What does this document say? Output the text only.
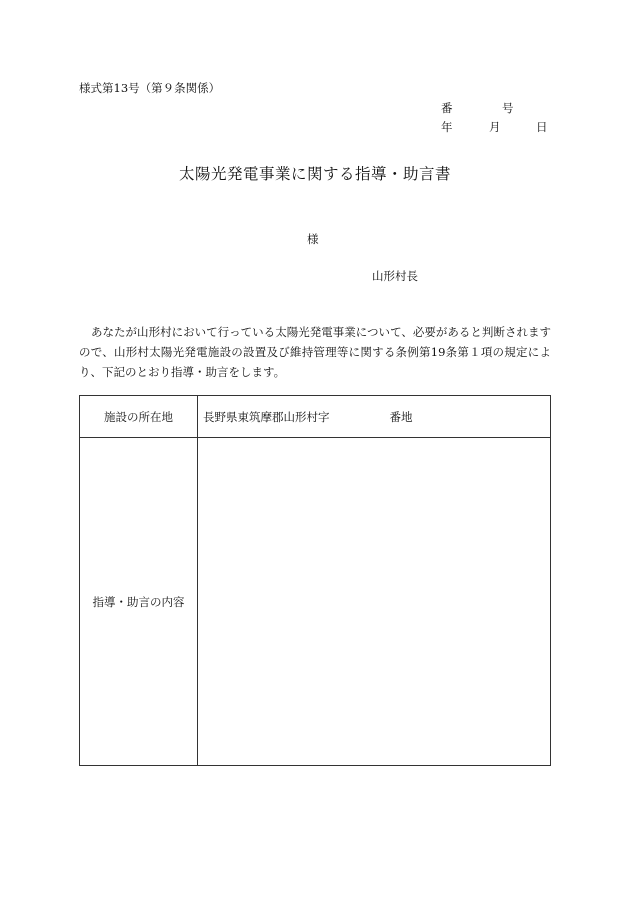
様式第13号（第９条関係）
番	号
年	月	日
太陽光発電事業に関する指導・助言書
様
山形村長
あなたが山形村において行っている太陽光発電事業について、必要があると判断されますので、山形村太陽光発電施設の設置及び維持管理等に関する条例第19条第１項の規定により、下記のとおり指導・助言をします。
施設の所在地	長野県東筑摩郡山形村字	番地
指導・助言の内容
